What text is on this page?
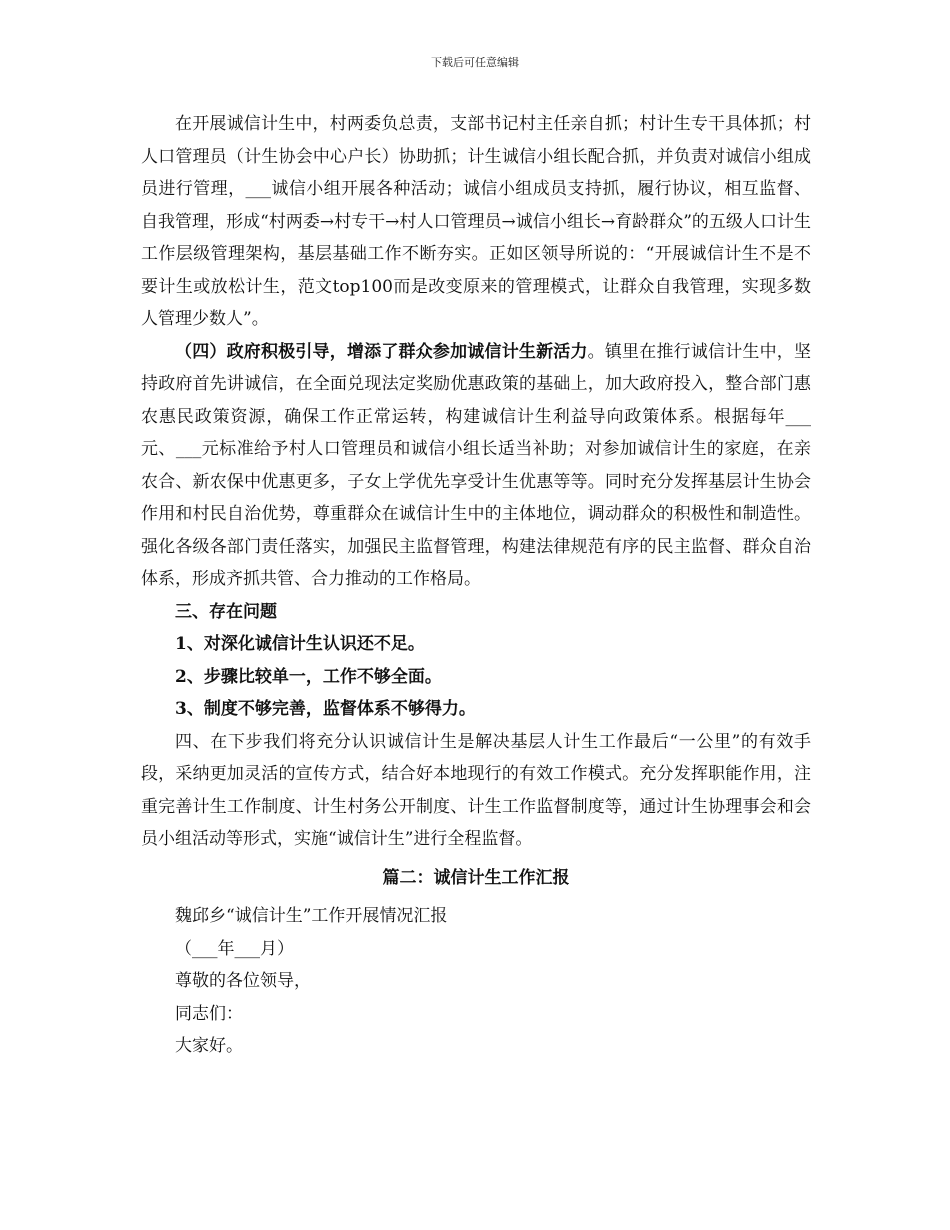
下载后可任意编辑

在开展诚信计生中，村两委负总责，支部书记村主任亲自抓；村计生专干具体抓；村人口管理员（计生协会中心户长）协助抓；计生诚信小组长配合抓，并负责对诚信小组成员进行管理，___诚信小组开展各种活动；诚信小组成员支持抓，履行协议，相互监督、自我管理，形成“村两委→村专干→村人口管理员→诚信小组长→育龄群众”的五级人口计生工作层级管理架构，基层基础工作不断夯实。正如区领导所说的：“开展诚信计生不是不要计生或放松计生，范文top100而是改变原来的管理模式，让群众自我管理，实现多数人管理少数人”。

（四）政府积极引导，增添了群众参加诚信计生新活力。镇里在推行诚信计生中，坚持政府首先讲诚信，在全面兑现法定奖励优惠政策的基础上，加大政府投入，整合部门惠农惠民政策资源，确保工作正常运转，构建诚信计生利益导向政策体系。根据每年___元、___元标准给予村人口管理员和诚信小组长适当补助；对参加诚信计生的家庭，在亲农合、新农保中优惠更多，子女上学优先享受计生优惠等等。同时充分发挥基层计生协会作用和村民自治优势，尊重群众在诚信计生中的主体地位，调动群众的积极性和制造性。强化各级各部门责任落实，加强民主监督管理，构建法律规范有序的民主监督、群众自治体系，形成齐抓共管、合力推动的工作格局。

三、存在问题

1、对深化诚信计生认识还不足。

2、步骤比较单一，工作不够全面。

3、制度不够完善，监督体系不够得力。

四、在下步我们将充分认识诚信计生是解决基层人计生工作最后“一公里”的有效手段，采纳更加灵活的宣传方式，结合好本地现行的有效工作模式。充分发挥职能作用，注重完善计生工作制度、计生村务公开制度、计生工作监督制度等，通过计生协理事会和会员小组活动等形式，实施“诚信计生”进行全程监督。

篇二：诚信计生工作汇报

魏邱乡“诚信计生”工作开展情况汇报

（___年___月）

尊敬的各位领导，

同志们：

大家好。
